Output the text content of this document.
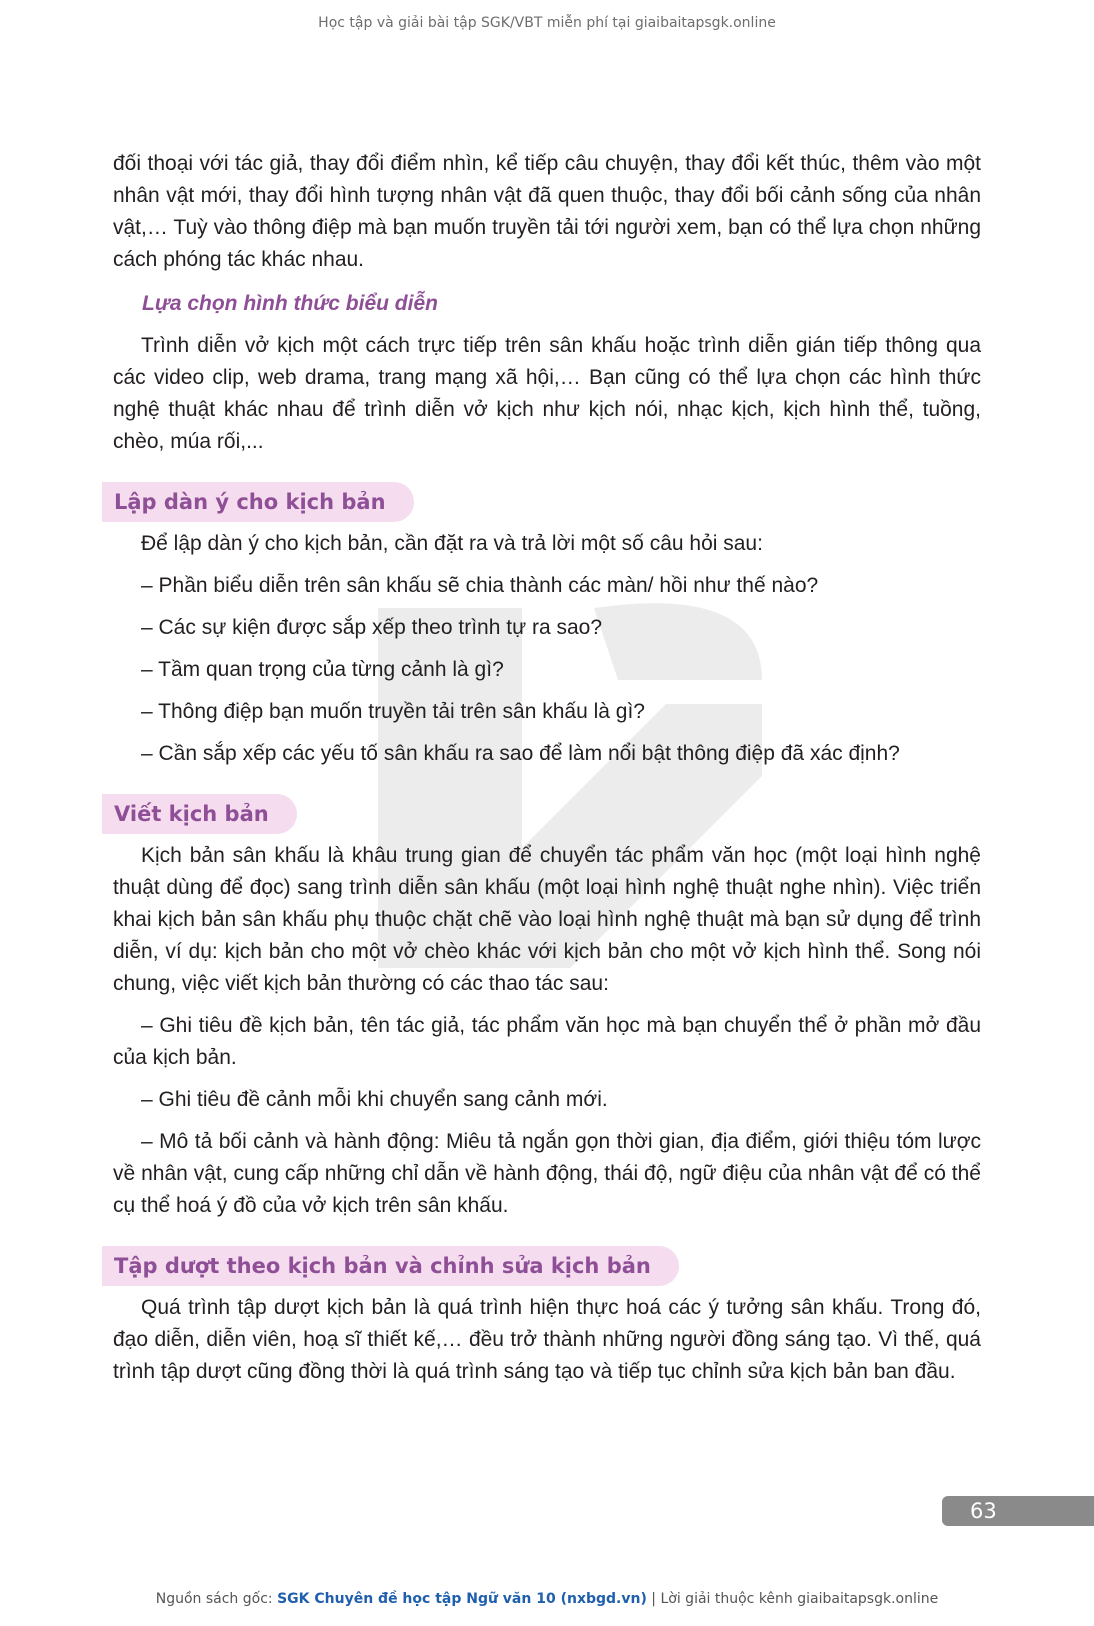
Học tập và giải bài tập SGK/VBT miễn phí tại giaibaitapsgk.online

đối thoại với tác giả, thay đổi điểm nhìn, kể tiếp câu chuyện, thay đổi kết thúc, thêm vào một nhân vật mới, thay đổi hình tượng nhân vật đã quen thuộc, thay đổi bối cảnh sống của nhân vật,… Tuỳ vào thông điệp mà bạn muốn truyền tải tới người xem, bạn có thể lựa chọn những cách phóng tác khác nhau.

Lựa chọn hình thức biểu diễn

Trình diễn vở kịch một cách trực tiếp trên sân khấu hoặc trình diễn gián tiếp thông qua các video clip, web drama, trang mạng xã hội,… Bạn cũng có thể lựa chọn các hình thức nghệ thuật khác nhau để trình diễn vở kịch như kịch nói, nhạc kịch, kịch hình thể, tuồng, chèo, múa rối,...

Lập dàn ý cho kịch bản

Để lập dàn ý cho kịch bản, cần đặt ra và trả lời một số câu hỏi sau:

– Phần biểu diễn trên sân khấu sẽ chia thành các màn/ hồi như thế nào?

– Các sự kiện được sắp xếp theo trình tự ra sao?

– Tầm quan trọng của từng cảnh là gì?

– Thông điệp bạn muốn truyền tải trên sân khấu là gì?

– Cần sắp xếp các yếu tố sân khấu ra sao để làm nổi bật thông điệp đã xác định?

Viết kịch bản

Kịch bản sân khấu là khâu trung gian để chuyển tác phẩm văn học (một loại hình nghệ thuật dùng để đọc) sang trình diễn sân khấu (một loại hình nghệ thuật nghe nhìn). Việc triển khai kịch bản sân khấu phụ thuộc chặt chẽ vào loại hình nghệ thuật mà bạn sử dụng để trình diễn, ví dụ: kịch bản cho một vở chèo khác với kịch bản cho một vở kịch hình thể. Song nói chung, việc viết kịch bản thường có các thao tác sau:

– Ghi tiêu đề kịch bản, tên tác giả, tác phẩm văn học mà bạn chuyển thể ở phần mở đầu của kịch bản.

– Ghi tiêu đề cảnh mỗi khi chuyển sang cảnh mới.

– Mô tả bối cảnh và hành động: Miêu tả ngắn gọn thời gian, địa điểm, giới thiệu tóm lược về nhân vật, cung cấp những chỉ dẫn về hành động, thái độ, ngữ điệu của nhân vật để có thể cụ thể hoá ý đồ của vở kịch trên sân khấu.

Tập dượt theo kịch bản và chỉnh sửa kịch bản

Quá trình tập dượt kịch bản là quá trình hiện thực hoá các ý tưởng sân khấu. Trong đó, đạo diễn, diễn viên, hoạ sĩ thiết kế,… đều trở thành những người đồng sáng tạo. Vì thế, quá trình tập dượt cũng đồng thời là quá trình sáng tạo và tiếp tục chỉnh sửa kịch bản ban đầu.

63
Nguồn sách gốc: SGK Chuyên đề học tập Ngữ văn 10 (nxbgd.vn) | Lời giải thuộc kênh giaibaitapsgk.online
